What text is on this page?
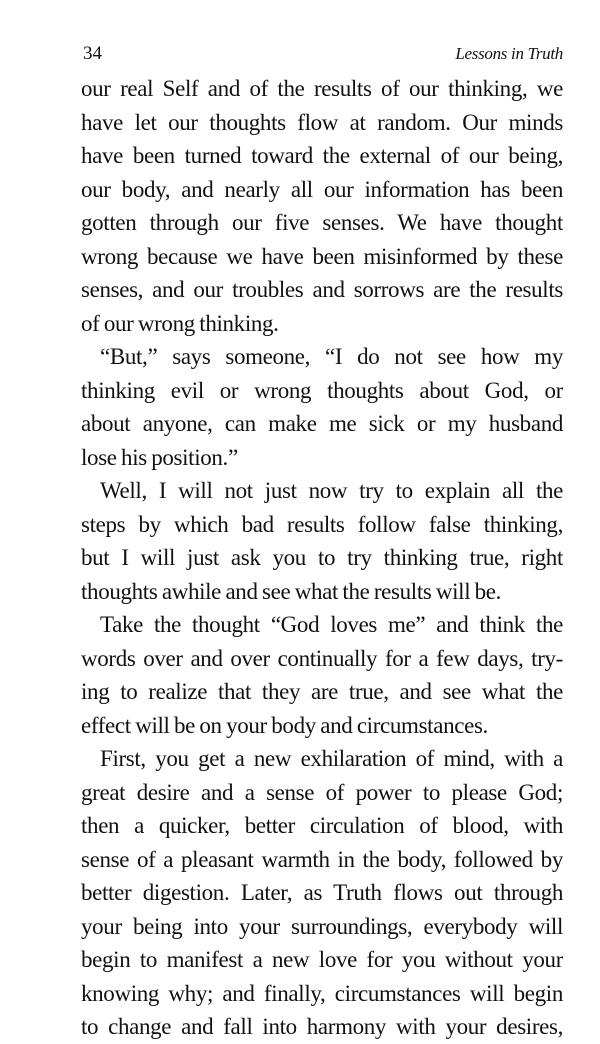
34	Lessons in Truth
our real Self and of the results of our thinking, we
have let our thoughts flow at random. Our minds
have been turned toward the external of our being,
our body, and nearly all our information has been
gotten through our five senses. We have thought
wrong because we have been misinformed by these
senses, and our troubles and sorrows are the results
of our wrong thinking.
“But,” says someone, “I do not see how my
thinking evil or wrong thoughts about God, or
about anyone, can make me sick or my husband
lose his position.”
Well, I will not just now try to explain all the
steps by which bad results follow false thinking,
but I will just ask you to try thinking true, right
thoughts awhile and see what the results will be.
Take the thought “God loves me” and think the
words over and over continually for a few days, try-
ing to realize that they are true, and see what the
effect will be on your body and circumstances.
First, you get a new exhilaration of mind, with a
great desire and a sense of power to please God;
then a quicker, better circulation of blood, with
sense of a pleasant warmth in the body, followed by
better digestion. Later, as Truth flows out through
your being into your surroundings, everybody will
begin to manifest a new love for you without your
knowing why; and finally, circumstances will begin
to change and fall into harmony with your desires,
